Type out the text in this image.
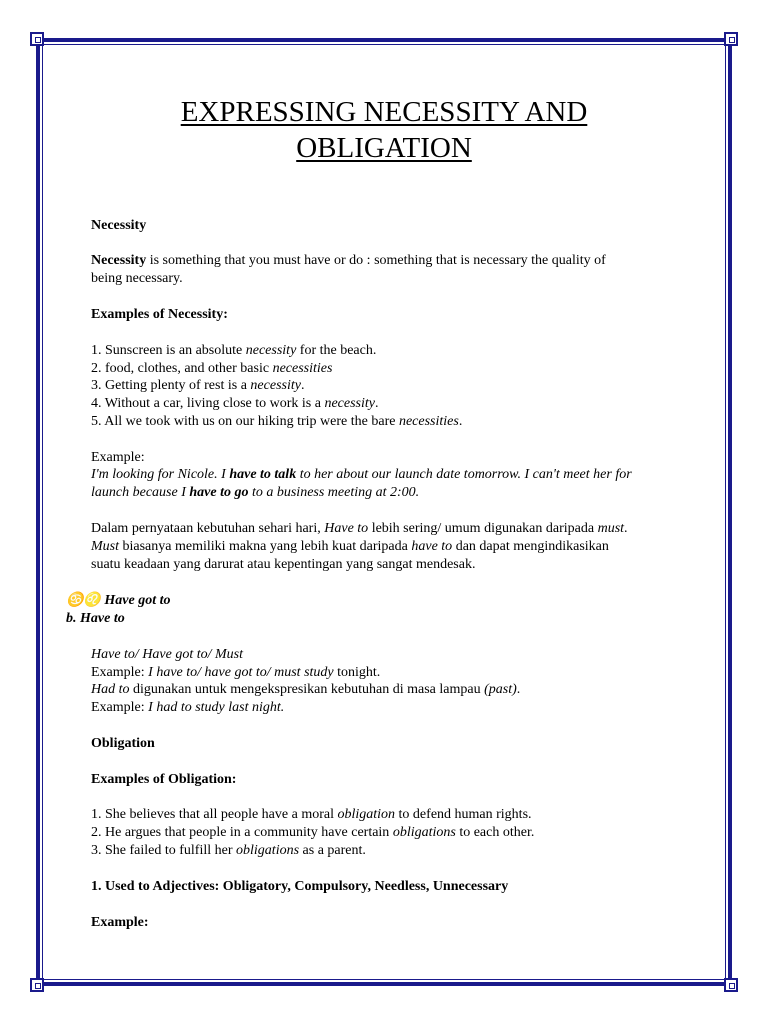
EXPRESSING NECESSITY AND
OBLIGATION
Necessity
Necessity is something that you must have or do : something that is necessary the quality of
being necessary.
Examples of Necessity:
1. Sunscreen is an absolute necessity for the beach.
2. food, clothes, and other basic necessities
3. Getting plenty of rest is a necessity.
4. Without a car, living close to work is a necessity.
5. All we took with us on our hiking trip were the bare necessities.
Example:
I'm looking for Nicole. I have to talk to her about our launch date tomorrow. I can't meet her for
launch because I have to go to a business meeting at 2:00.
Dalam pernyataan kebutuhan sehari hari, Have to lebih sering/ umum digunakan daripada must.
Must biasanya memiliki makna yang lebih kuat daripada have to dan dapat mengindikasikan
suatu keadaan yang darurat atau kepentingan yang sangat mendesak.
♋♌ Have got to
b. Have to
Have to/ Have got to/ Must
Example: I have to/ have got to/ must study tonight.
Had to digunakan untuk mengekspresikan kebutuhan di masa lampau (past).
Example: I had to study last night.
Obligation
Examples of Obligation:
1. She believes that all people have a moral obligation to defend human rights.
2. He argues that people in a community have certain obligations to each other.
3. She failed to fulfill her obligations as a parent.
1. Used to Adjectives: Obligatory, Compulsory, Needless, Unnecessary
Example:
